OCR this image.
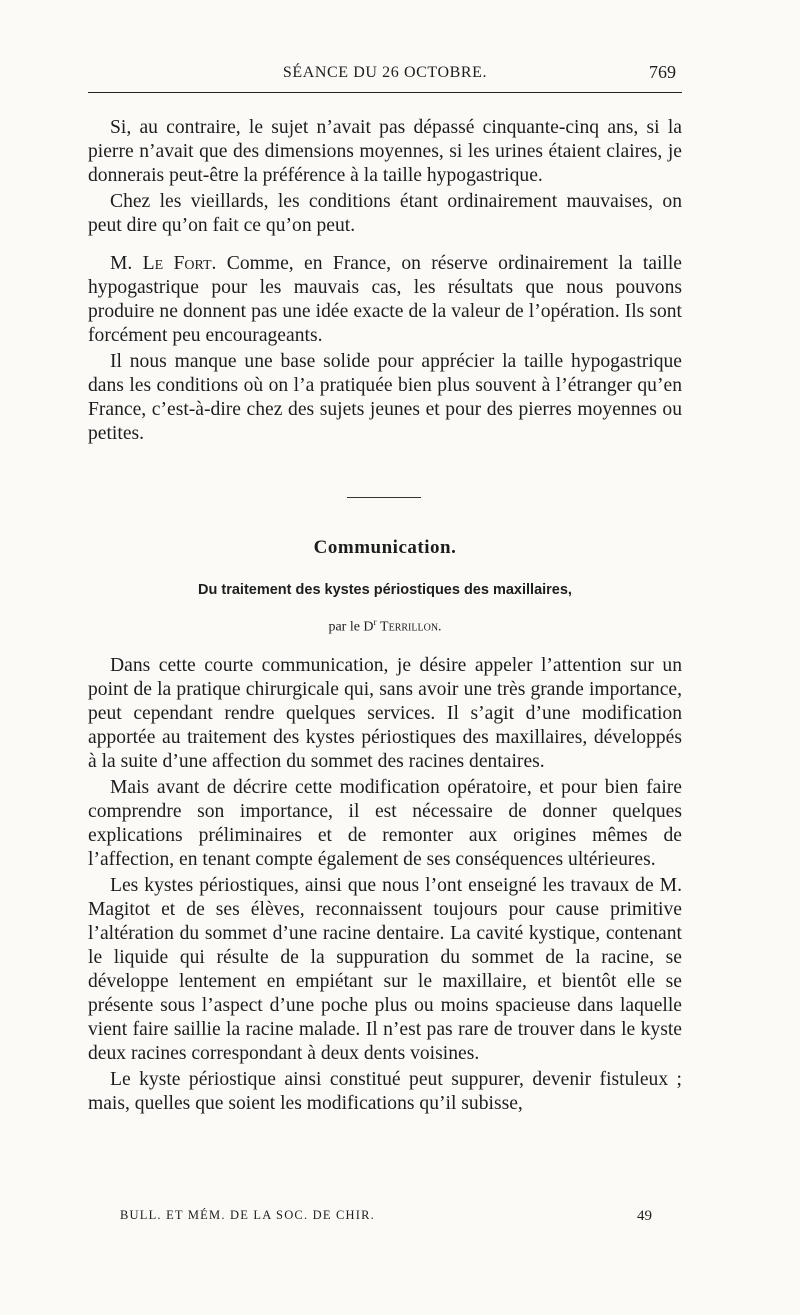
SÉANCE DU 26 OCTOBRE.	769

Si, au contraire, le sujet n’avait pas dépassé cinquante-cinq ans, si la pierre n’avait que des dimensions moyennes, si les urines étaient claires, je donnerais peut-être la préférence à la taille hypogastrique.

Chez les vieillards, les conditions étant ordinairement mauvaises, on peut dire qu’on fait ce qu’on peut.

M. Le Fort. Comme, en France, on réserve ordinairement la taille hypogastrique pour les mauvais cas, les résultats que nous pouvons produire ne donnent pas une idée exacte de la valeur de l’opération. Ils sont forcément peu encourageants.

Il nous manque une base solide pour apprécier la taille hypogastrique dans les conditions où on l’a pratiquée bien plus souvent à l’étranger qu’en France, c’est-à-dire chez des sujets jeunes et pour des pierres moyennes ou petites.

Communication.
Du traitement des kystes périostiques des maxillaires,
par le $D^r$ Terrillon.

Dans cette courte communication, je désire appeler l’attention sur un point de la pratique chirurgicale qui, sans avoir une très grande importance, peut cependant rendre quelques services. Il s’agit d’une modification apportée au traitement des kystes périostiques des maxillaires, développés à la suite d’une affection du sommet des racines dentaires.

Mais avant de décrire cette modification opératoire, et pour bien faire comprendre son importance, il est nécessaire de donner quelques explications préliminaires et de remonter aux origines mêmes de l’affection, en tenant compte également de ses conséquences ultérieures.

Les kystes périostiques, ainsi que nous l’ont enseigné les travaux de M. Magitot et de ses élèves, reconnaissent toujours pour cause primitive l’altération du sommet d’une racine dentaire. La cavité kystique, contenant le liquide qui résulte de la suppuration du sommet de la racine, se développe lentement en empiétant sur le maxillaire, et bientôt elle se présente sous l’aspect d’une poche plus ou moins spacieuse dans laquelle vient faire saillie la racine malade. Il n’est pas rare de trouver dans le kyste deux racines correspondant à deux dents voisines.

Le kyste périostique ainsi constitué peut suppurer, devenir fistuleux ; mais, quelles que soient les modifications qu’il subisse,

BULL. ET MÉM. DE LA SOC. DE CHIR.	49
